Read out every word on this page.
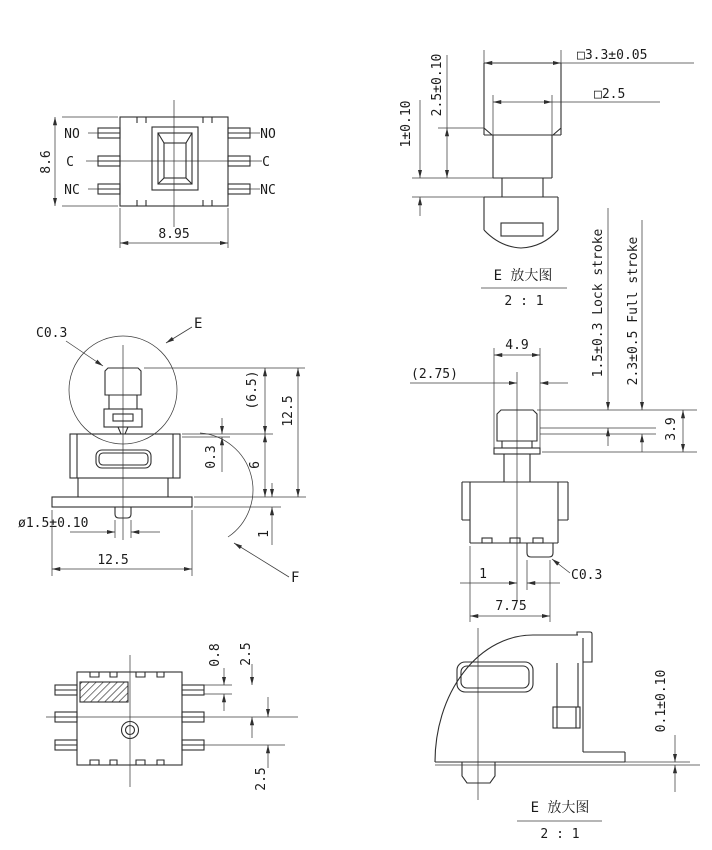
NO
C
NC
NO
C
NC
8.6
8.95
□3.3±0.05
□2.5
2.5±0.10
1±0.10
E 放大图
2 : 1
C0.3
E
F
(6.5)
6
12.5
0.3
ø1.5±0.10
12.5
1
4.9
(2.75)	1.5±0.3 Lock stroke 2.3±0.5 Full stroke
3.9
1	C0.3
7.75
0.8 2.5
2.5
0.1±0.10
E 放大图
2 : 1
